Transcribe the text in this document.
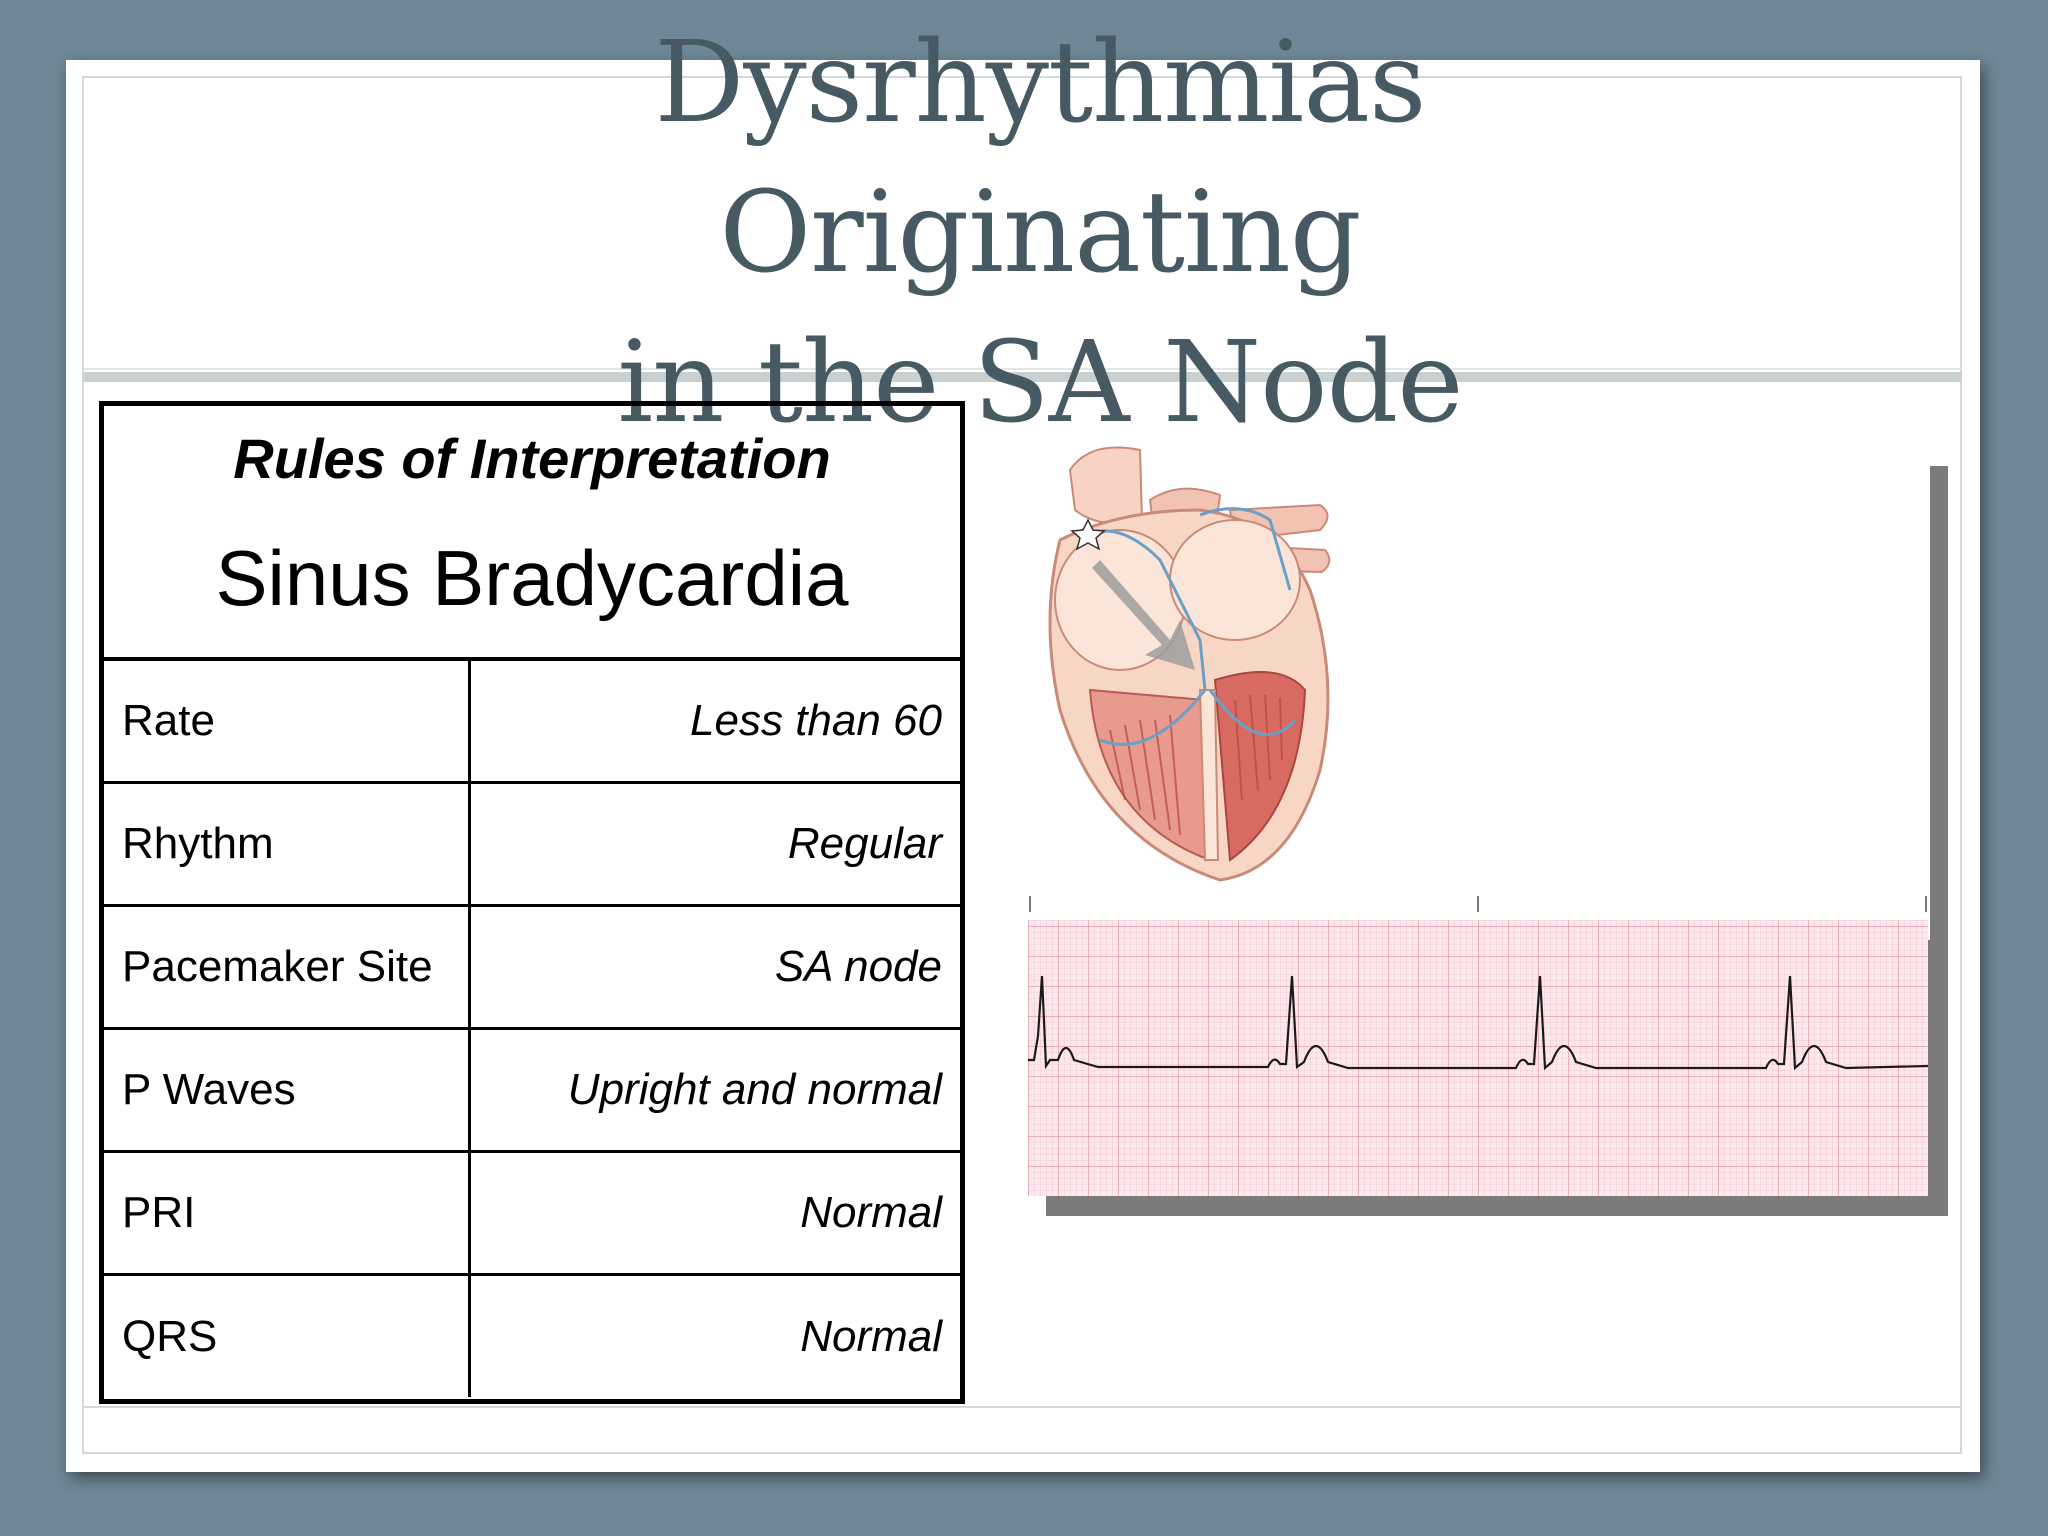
Dysrhythmias Originating
in the SA Node
Rules of Interpretation
Sinus Bradycardia
Rate	Less than 60
Rhythm	Regular
Pacemaker Site	SA node
P Waves	Upright and normal
PRI	Normal
QRS	Normal
